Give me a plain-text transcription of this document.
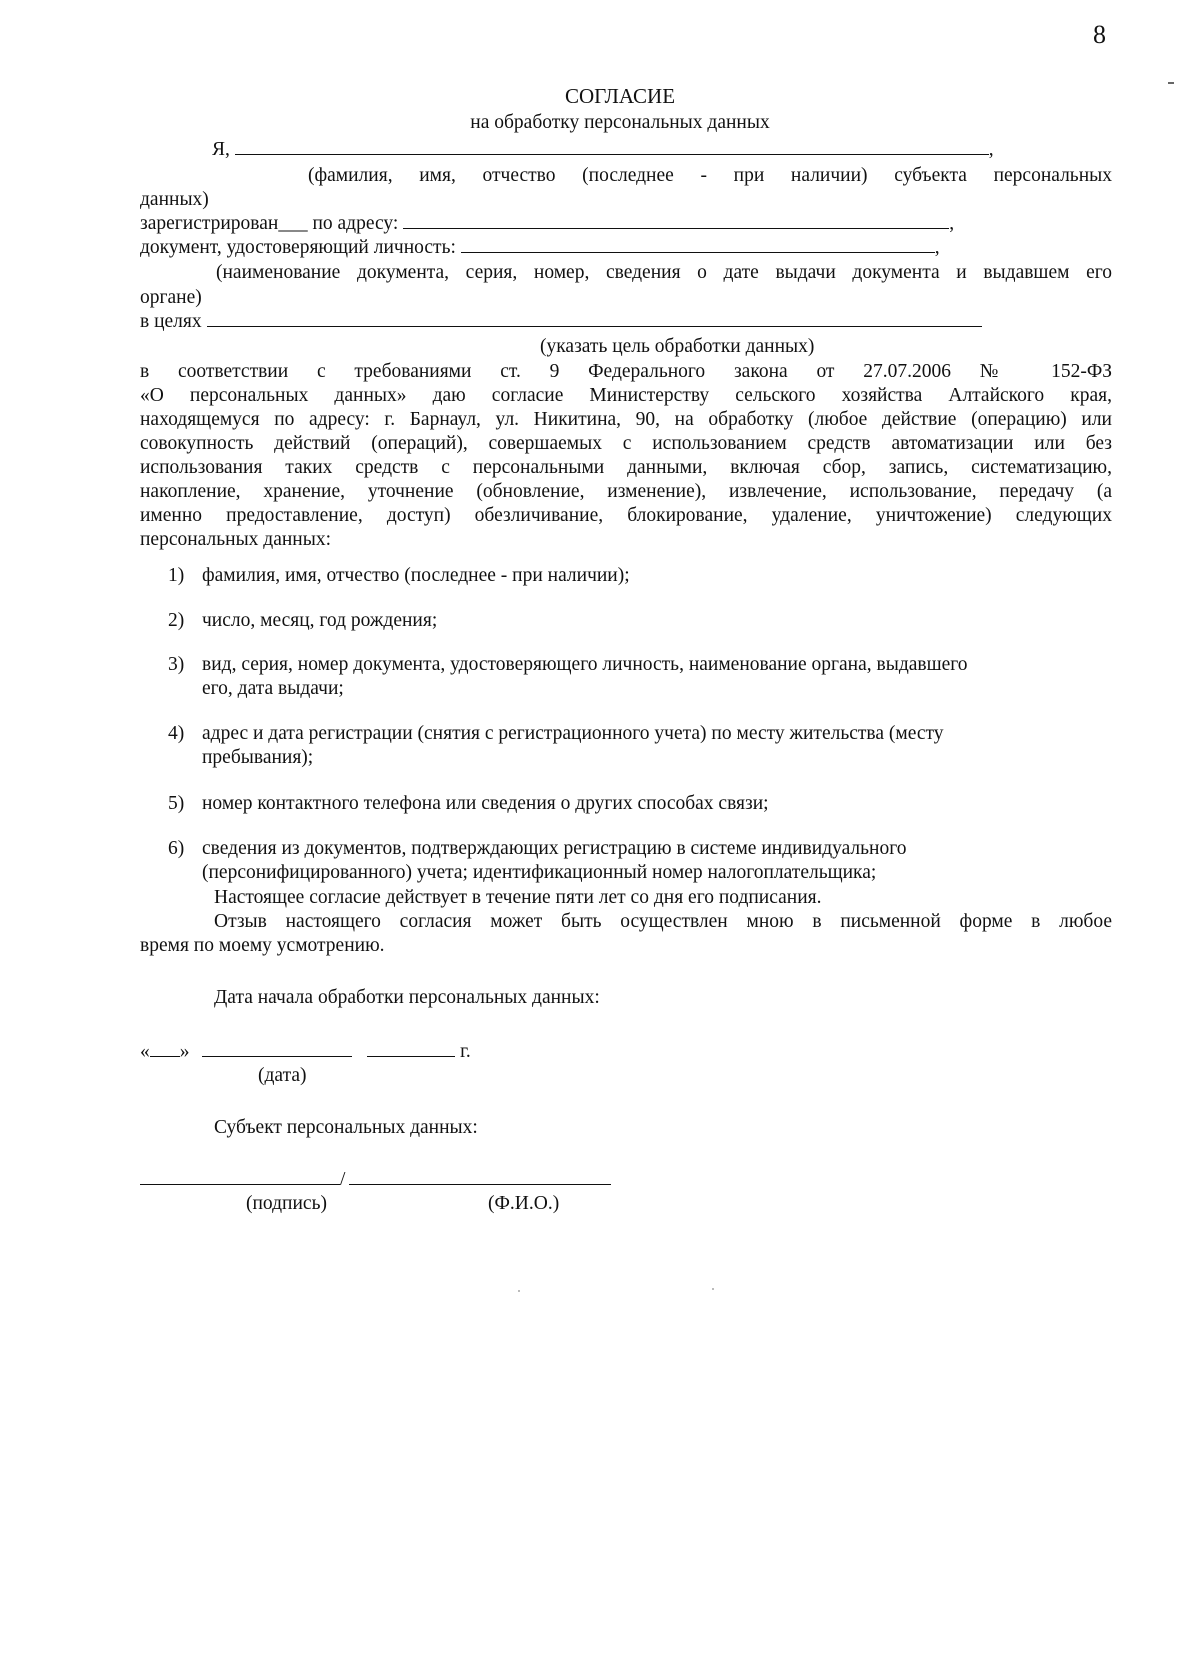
8
СОГЛАСИЕ
на обработку персональных данных
Я,	,
(фамилия, имя, отчество (последнее - при наличии) субъекта персональных
данных)
зарегистрирован___ по адресу:	,
документ, удостоверяющий личность:	,
(наименование документа, серия, номер, сведения о дате выдачи документа и выдавшем его
органе)
в целях
(указать цель обработки данных)

в соответствии с требованиями ст. 9 Федерального закона от 27.07.2006 № 152-ФЗ

«О персональных данных» даю согласие Министерству сельского хозяйства Алтайского края,

находящемуся по адресу: г. Барнаул, ул. Никитина, 90, на обработку (любое действие (операцию) или

совокупность действий (операций), совершаемых с использованием средств автоматизации или без

использования таких средств с персональными данными, включая сбор, запись, систематизацию,

накопление, хранение, уточнение (обновление, изменение), извлечение, использование, передачу (а

именно предоставление, доступ) обезличивание, блокирование, удаление, уничтожение) следующих

персональных данных:

1) фамилия, имя, отчество (последнее - при наличии);
2) число, месяц, год рождения;
3) вид, серия, номер документа, удостоверяющего личность, наименование органа, выдавшего
его, дата выдачи;
4) адрес и дата регистрации (снятия с регистрационного учета) по месту жительства (месту
пребывания);
5) номер контактного телефона или сведения о других способах связи;
6) сведения из документов, подтверждающих регистрацию в системе индивидуального
(персонифицированного) учета; идентификационный номер налогоплательщика;
Настоящее согласие действует в течение пяти лет со дня его подписания.
Отзыв настоящего согласия может быть осуществлен мною в письменной форме в любое
время по моему усмотрению.
Дата начала обработки персональных данных:
« »	г.
(дата)
Субъект персональных данных:
/
(подпись)	(Ф.И.О.)
